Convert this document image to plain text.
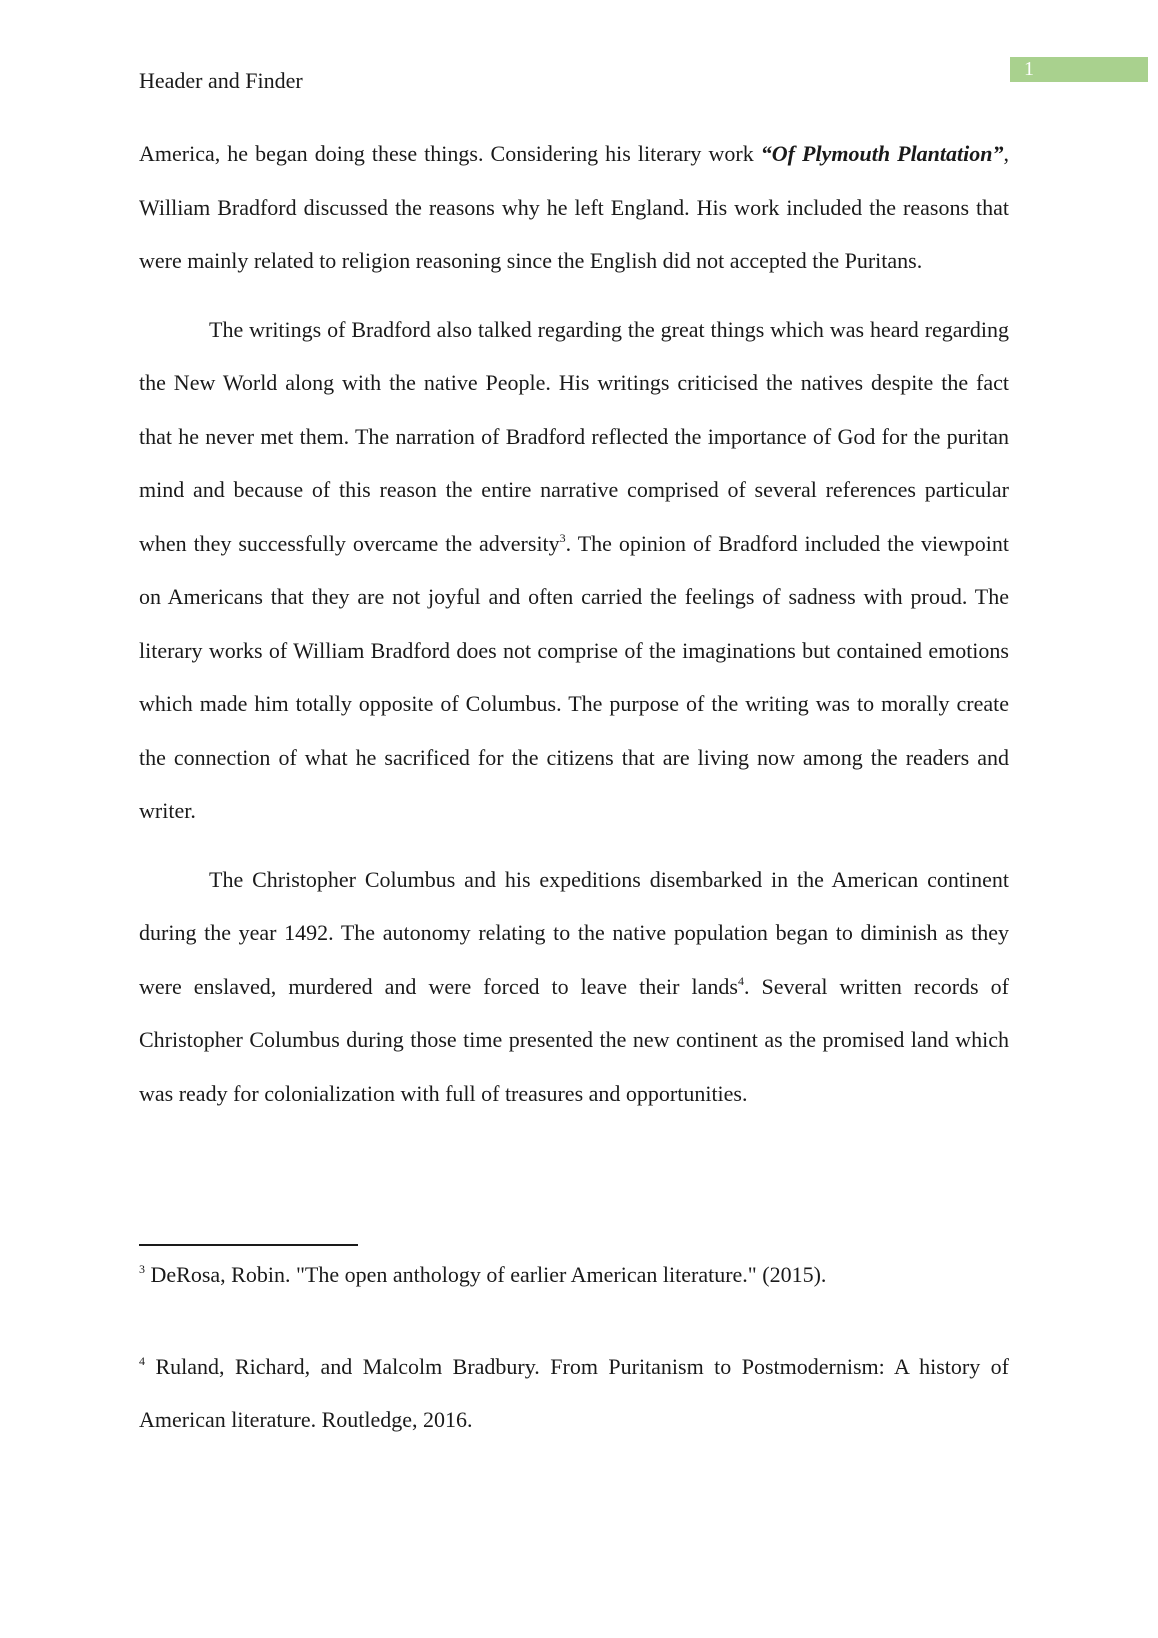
1
Header and Finder

America, he began doing these things. Considering his literary work “Of Plymouth Plantation”, William Bradford discussed the reasons why he left England. His work included the reasons that were mainly related to religion reasoning since the English did not accepted the Puritans.

The writings of Bradford also talked regarding the great things which was heard regarding the New World along with the native People. His writings criticised the natives despite the fact that he never met them. The narration of Bradford reflected the importance of God for the puritan mind and because of this reason the entire narrative comprised of several references particular when they successfully overcame the adversity$^3$. The opinion of Bradford included the viewpoint on Americans that they are not joyful and often carried the feelings of sadness with proud. The literary works of William Bradford does not comprise of the imaginations but contained emotions which made him totally opposite of Columbus. The purpose of the writing was to morally create the connection of what he sacrificed for the citizens that are living now among the readers and writer.

The Christopher Columbus and his expeditions disembarked in the American continent during the year 1492. The autonomy relating to the native population began to diminish as they were enslaved, murdered and were forced to leave their lands$^4$. Several written records of Christopher Columbus during those time presented the new continent as the promised land which was ready for colonialization with full of treasures and opportunities.

$^3$ DeRosa, Robin. "The open anthology of earlier American literature." (2015).

$^4$ Ruland, Richard, and Malcolm Bradbury. From Puritanism to Postmodernism: A history of American literature. Routledge, 2016.
